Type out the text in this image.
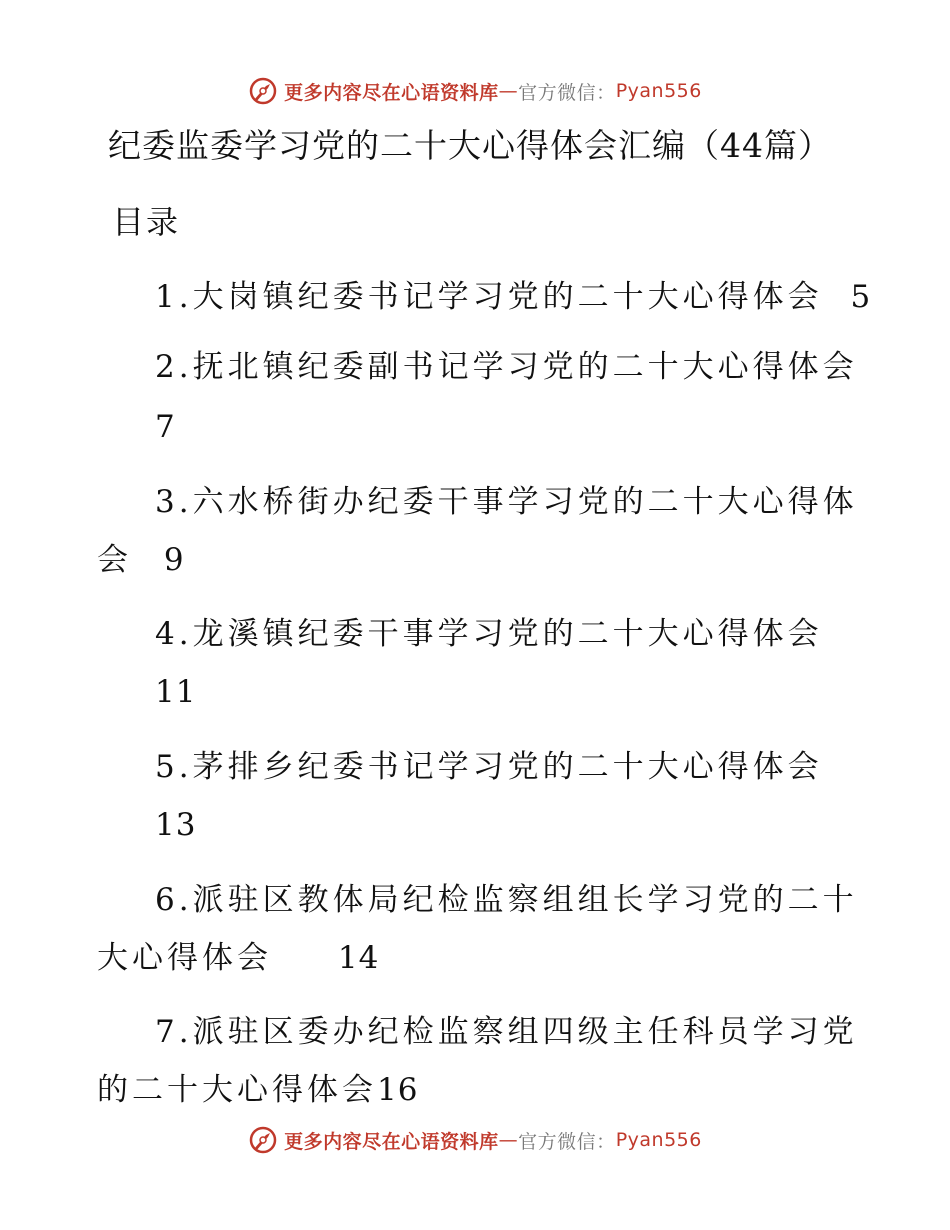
更多内容尽在心语资料库 — 官方微信： Pyan556
纪委监委学习党的二十大心得体会汇编（44篇）
目录
1.大岗镇纪委书记学习党的二十大心得体会 5
2.抚北镇纪委副书记学习党的二十大心得体会
7
3.六水桥街办纪委干事学习党的二十大心得体
会 9
4.龙溪镇纪委干事学习党的二十大心得体会
11
5.茅排乡纪委书记学习党的二十大心得体会
13
6.派驻区教体局纪检监察组组长学习党的二十
大心得体会 14
7.派驻区委办纪检监察组四级主任科员学习党
的二十大心得体会16
更多内容尽在心语资料库 — 官方微信： Pyan556
